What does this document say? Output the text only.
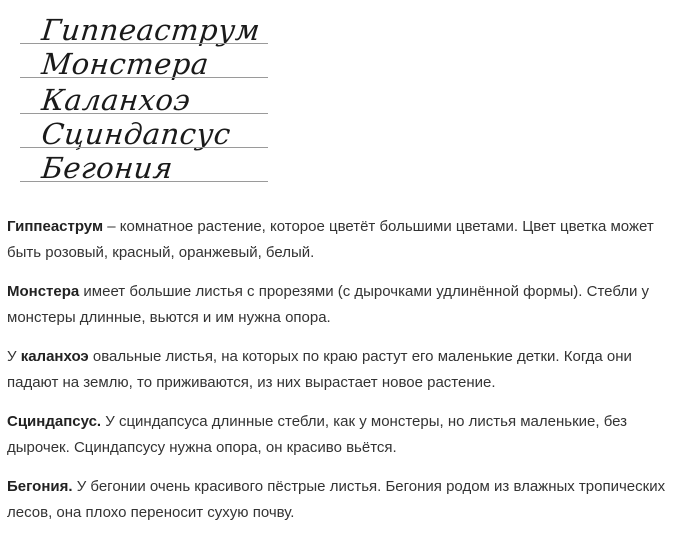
Гиппеаструм
Монстера
Каланхоэ
Сциндапсус
Бегония

Гиппеаструм – комнатное растение, которое цветёт большими цветами. Цвет цветка может быть розовый, красный, оранжевый, белый.

Монстера имеет большие листья с прорезями (с дырочками удлинённой формы). Стебли у монстеры длинные, вьются и им нужна опора.

У каланхоэ овальные листья, на которых по краю растут его маленькие детки. Когда они падают на землю, то приживаются, из них вырастает новое растение.

Сциндапсус. У сциндапсуса длинные стебли, как у монстеры, но листья маленькие, без дырочек. Сциндапсусу нужна опора, он красиво вьётся.

Бегония. У бегонии очень красивого пёстрые листья. Бегония родом из влажных тропических лесов, она плохо переносит сухую почву.
